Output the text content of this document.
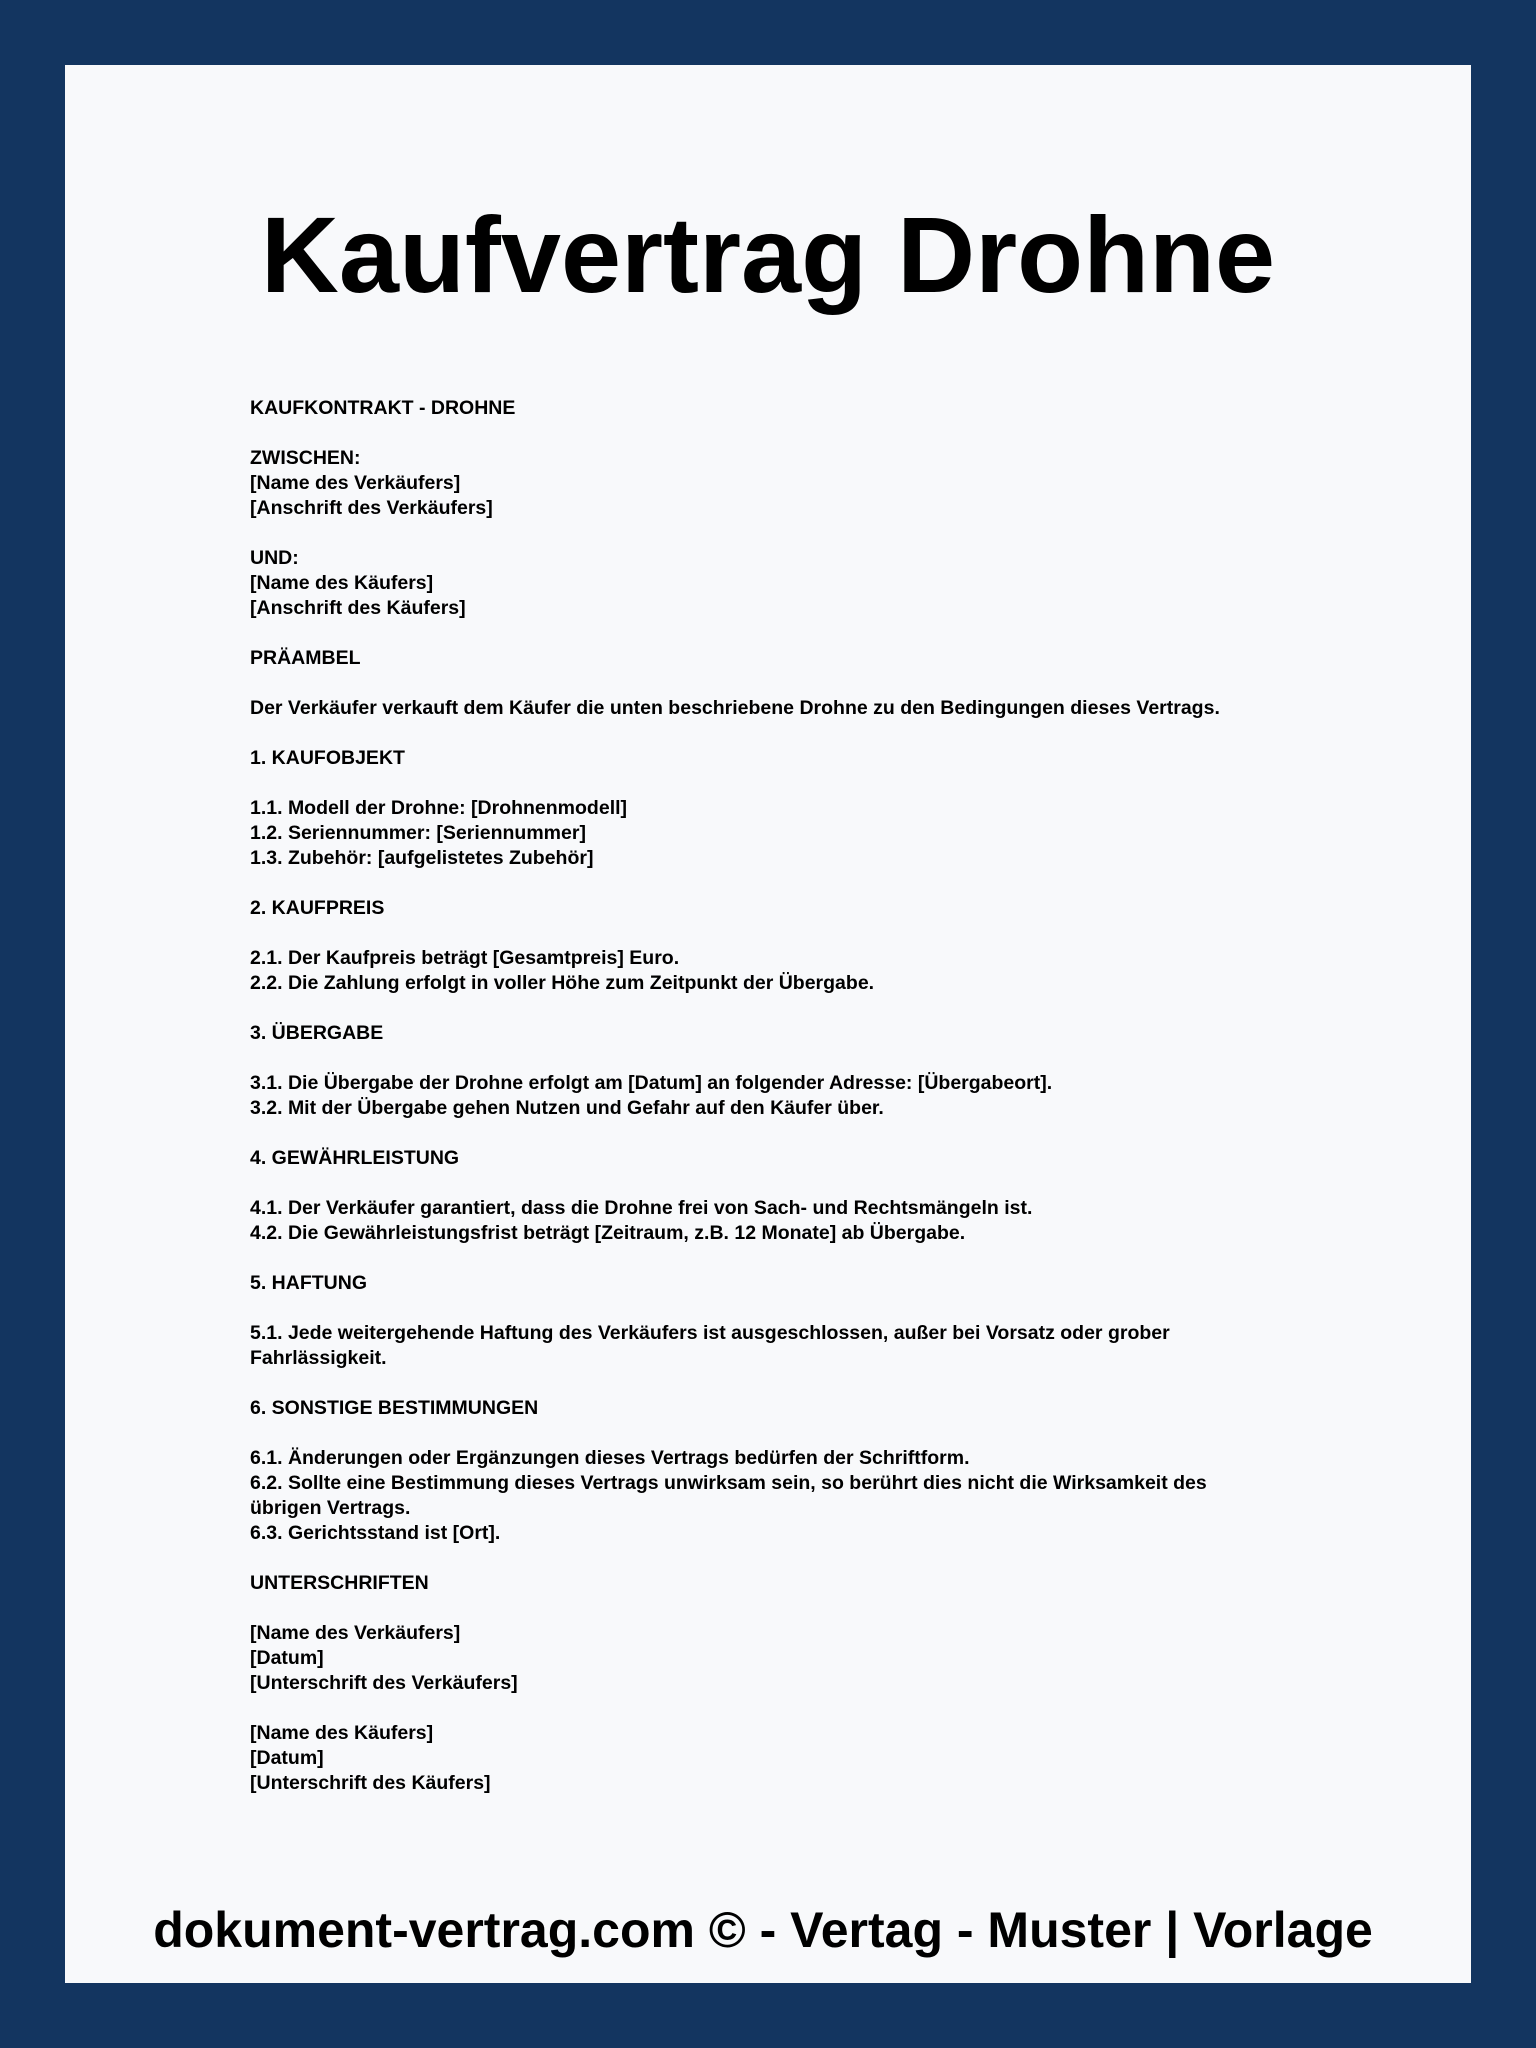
Kaufvertrag Drohne
KAUFKONTRAKT - DROHNE
ZWISCHEN:
[Name des Verkäufers]
[Anschrift des Verkäufers]
UND:
[Name des Käufers]
[Anschrift des Käufers]
PRÄAMBEL
Der Verkäufer verkauft dem Käufer die unten beschriebene Drohne zu den Bedingungen dieses Vertrags.
1. KAUFOBJEKT
1.1. Modell der Drohne: [Drohnenmodell]
1.2. Seriennummer: [Seriennummer]
1.3. Zubehör: [aufgelistetes Zubehör]
2. KAUFPREIS
2.1. Der Kaufpreis beträgt [Gesamtpreis] Euro.
2.2. Die Zahlung erfolgt in voller Höhe zum Zeitpunkt der Übergabe.
3. ÜBERGABE
3.1. Die Übergabe der Drohne erfolgt am [Datum] an folgender Adresse: [Übergabeort].
3.2. Mit der Übergabe gehen Nutzen und Gefahr auf den Käufer über.
4. GEWÄHRLEISTUNG
4.1. Der Verkäufer garantiert, dass die Drohne frei von Sach- und Rechtsmängeln ist.
4.2. Die Gewährleistungsfrist beträgt [Zeitraum, z.B. 12 Monate] ab Übergabe.
5. HAFTUNG
5.1. Jede weitergehende Haftung des Verkäufers ist ausgeschlossen, außer bei Vorsatz oder grober
Fahrlässigkeit.
6. SONSTIGE BESTIMMUNGEN
6.1. Änderungen oder Ergänzungen dieses Vertrags bedürfen der Schriftform.
6.2. Sollte eine Bestimmung dieses Vertrags unwirksam sein, so berührt dies nicht die Wirksamkeit des
übrigen Vertrags.
6.3. Gerichtsstand ist [Ort].
UNTERSCHRIFTEN
[Name des Verkäufers]
[Datum]
[Unterschrift des Verkäufers]
[Name des Käufers]
[Datum]
[Unterschrift des Käufers]
dokument-vertrag.com © - Vertag - Muster | Vorlage
